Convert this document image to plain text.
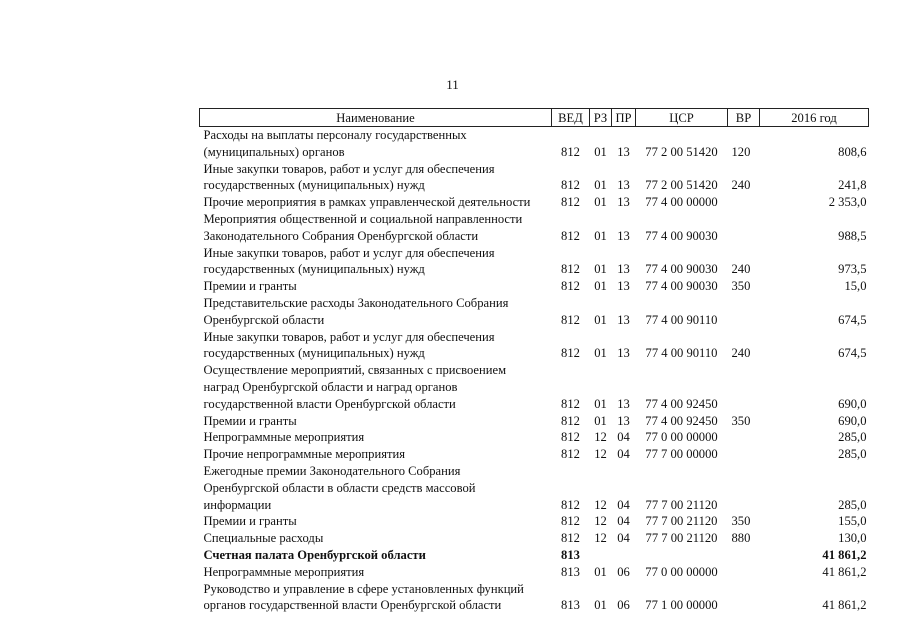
11
Наименование	ВЕД	РЗ	ПР	ЦСР	ВР	2016 год
Расходы на выплаты персоналу государственных
(муниципальных) органов	812	01	13	77 2 00 51420	120	808,6
Иные закупки товаров, работ и услуг для обеспечения
государственных (муниципальных) нужд	812	01	13	77 2 00 51420	240	241,8
Прочие мероприятия в рамках управленческой деятельности	812	01	13	77 4 00 00000		2 353,0
Мероприятия общественной и социальной направленности
Законодательного Собрания Оренбургской области	812	01	13	77 4 00 90030		988,5
Иные закупки товаров, работ и услуг для обеспечения
государственных (муниципальных) нужд	812	01	13	77 4 00 90030	240	973,5
Премии и гранты	812	01	13	77 4 00 90030	350	15,0
Представительские расходы Законодательного Собрания
Оренбургской области	812	01	13	77 4 00 90110		674,5
Иные закупки товаров, работ и услуг для обеспечения
государственных (муниципальных) нужд	812	01	13	77 4 00 90110	240	674,5
Осуществление мероприятий, связанных с присвоением
наград Оренбургской области и наград органов
государственной власти Оренбургской области	812	01	13	77 4 00 92450		690,0
Премии и гранты	812	01	13	77 4 00 92450	350	690,0
Непрограммные мероприятия	812	12	04	77 0 00 00000		285,0
Прочие непрограммные мероприятия	812	12	04	77 7 00 00000		285,0
Ежегодные премии Законодательного Собрания
Оренбургской области в области средств массовой
информации	812	12	04	77 7 00 21120		285,0
Премии и гранты	812	12	04	77 7 00 21120	350	155,0
Специальные расходы	812	12	04	77 7 00 21120	880	130,0
Счетная палата Оренбургской области	813					41 861,2
Непрограммные мероприятия	813	01	06	77 0 00 00000		41 861,2
Руководство и управление в сфере установленных функций
органов государственной власти Оренбургской области	813	01	06	77 1 00 00000		41 861,2
